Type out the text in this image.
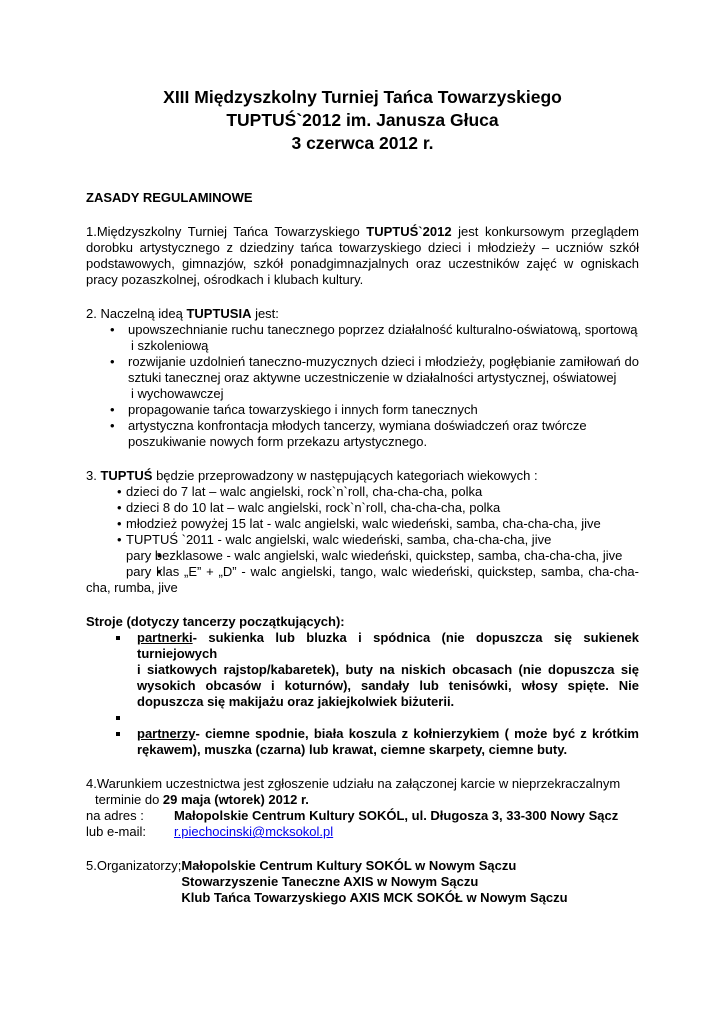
XIII Międzyszkolny Turniej Tańca Towarzyskiego

TUPTUŚ`2012 im. Janusza Głuca

3 czerwca 2012 r.

ZASADY REGULAMINOWE

1.Międzyszkolny Turniej Tańca Towarzyskiego TUPTUŚ`2012 jest konkursowym przeglądem dorobku artystycznego z dziedziny tańca towarzyskiego dzieci i młodzieży – uczniów szkół podstawowych, gimnazjów, szkół ponadgimnazjalnych oraz uczestników zajęć w ogniskach pracy pozaszkolnej, ośrodkach i klubach kultury.

2. Naczelną ideą TUPTUSIA jest:

• upowszechnianie ruchu tanecznego poprzez działalność kulturalno-oświatową, sportową
i szkoleniową
• rozwijanie uzdolnień taneczno-muzycznych dzieci i młodzieży, pogłębianie zamiłowań do sztuki tanecznej oraz aktywne uczestniczenie w działalności artystycznej, oświatowej
i wychowawczej
• propagowanie tańca towarzyskiego i innych form tanecznych
• artystyczna konfrontacja młodych tancerzy, wymiana doświadczeń oraz twórcze poszukiwanie nowych form przekazu artystycznego.

3. TUPTUŚ będzie przeprowadzony w następujących kategoriach wiekowych :

• dzieci do 7 lat – walc angielski, rock`n`roll, cha-cha-cha, polka
• dzieci 8 do 10 lat – walc angielski, rock`n`roll, cha-cha-cha, polka
• młodzież powyżej 15 lat - walc angielski, walc wiedeński, samba, cha-cha-cha, jive
• TUPTUŚ `2011 - walc angielski, walc wiedeński, samba, cha-cha-cha, jive
• pary bezklasowe - walc angielski, walc wiedeński, quickstep, samba, cha-cha-cha, jive
• pary klas „E” + „D” - walc angielski, tango, walc wiedeński, quickstep, samba, cha-cha-cha, rumba, jive

Stroje (dotyczy tancerzy początkujących):

partnerki- sukienka lub bluzka i spódnica (nie dopuszcza się sukienek turniejowych
i siatkowych rajstop/kabaretek), buty na niskich obcasach (nie dopuszcza się wysokich obcasów i koturnów), sandały lub tenisówki, włosy spięte. Nie dopuszcza się makijażu oraz jakiejkolwiek biżuterii.
partnerzy- ciemne spodnie, biała koszula z kołnierzykiem ( może być z krótkim rękawem), muszka (czarna) lub krawat, ciemne skarpety, ciemne buty.

4.Warunkiem uczestnictwa jest zgłoszenie udziału na załączonej karcie w nieprzekraczalnym

terminie do 29 maja (wtorek) 2012 r.

na adres :	Małopolskie Centrum Kultury SOKÓL, ul. Długosza 3, 33-300 Nowy Sącz
lub e-mail:	r.piechocinski@mcksokol.pl
5.Organizatorzy; Małopolskie Centrum Kultury SOKÓL w Nowym Sączu
Stowarzyszenie Taneczne AXIS w Nowym Sączu
Klub Tańca Towarzyskiego AXIS MCK SOKÓŁ w Nowym Sączu
